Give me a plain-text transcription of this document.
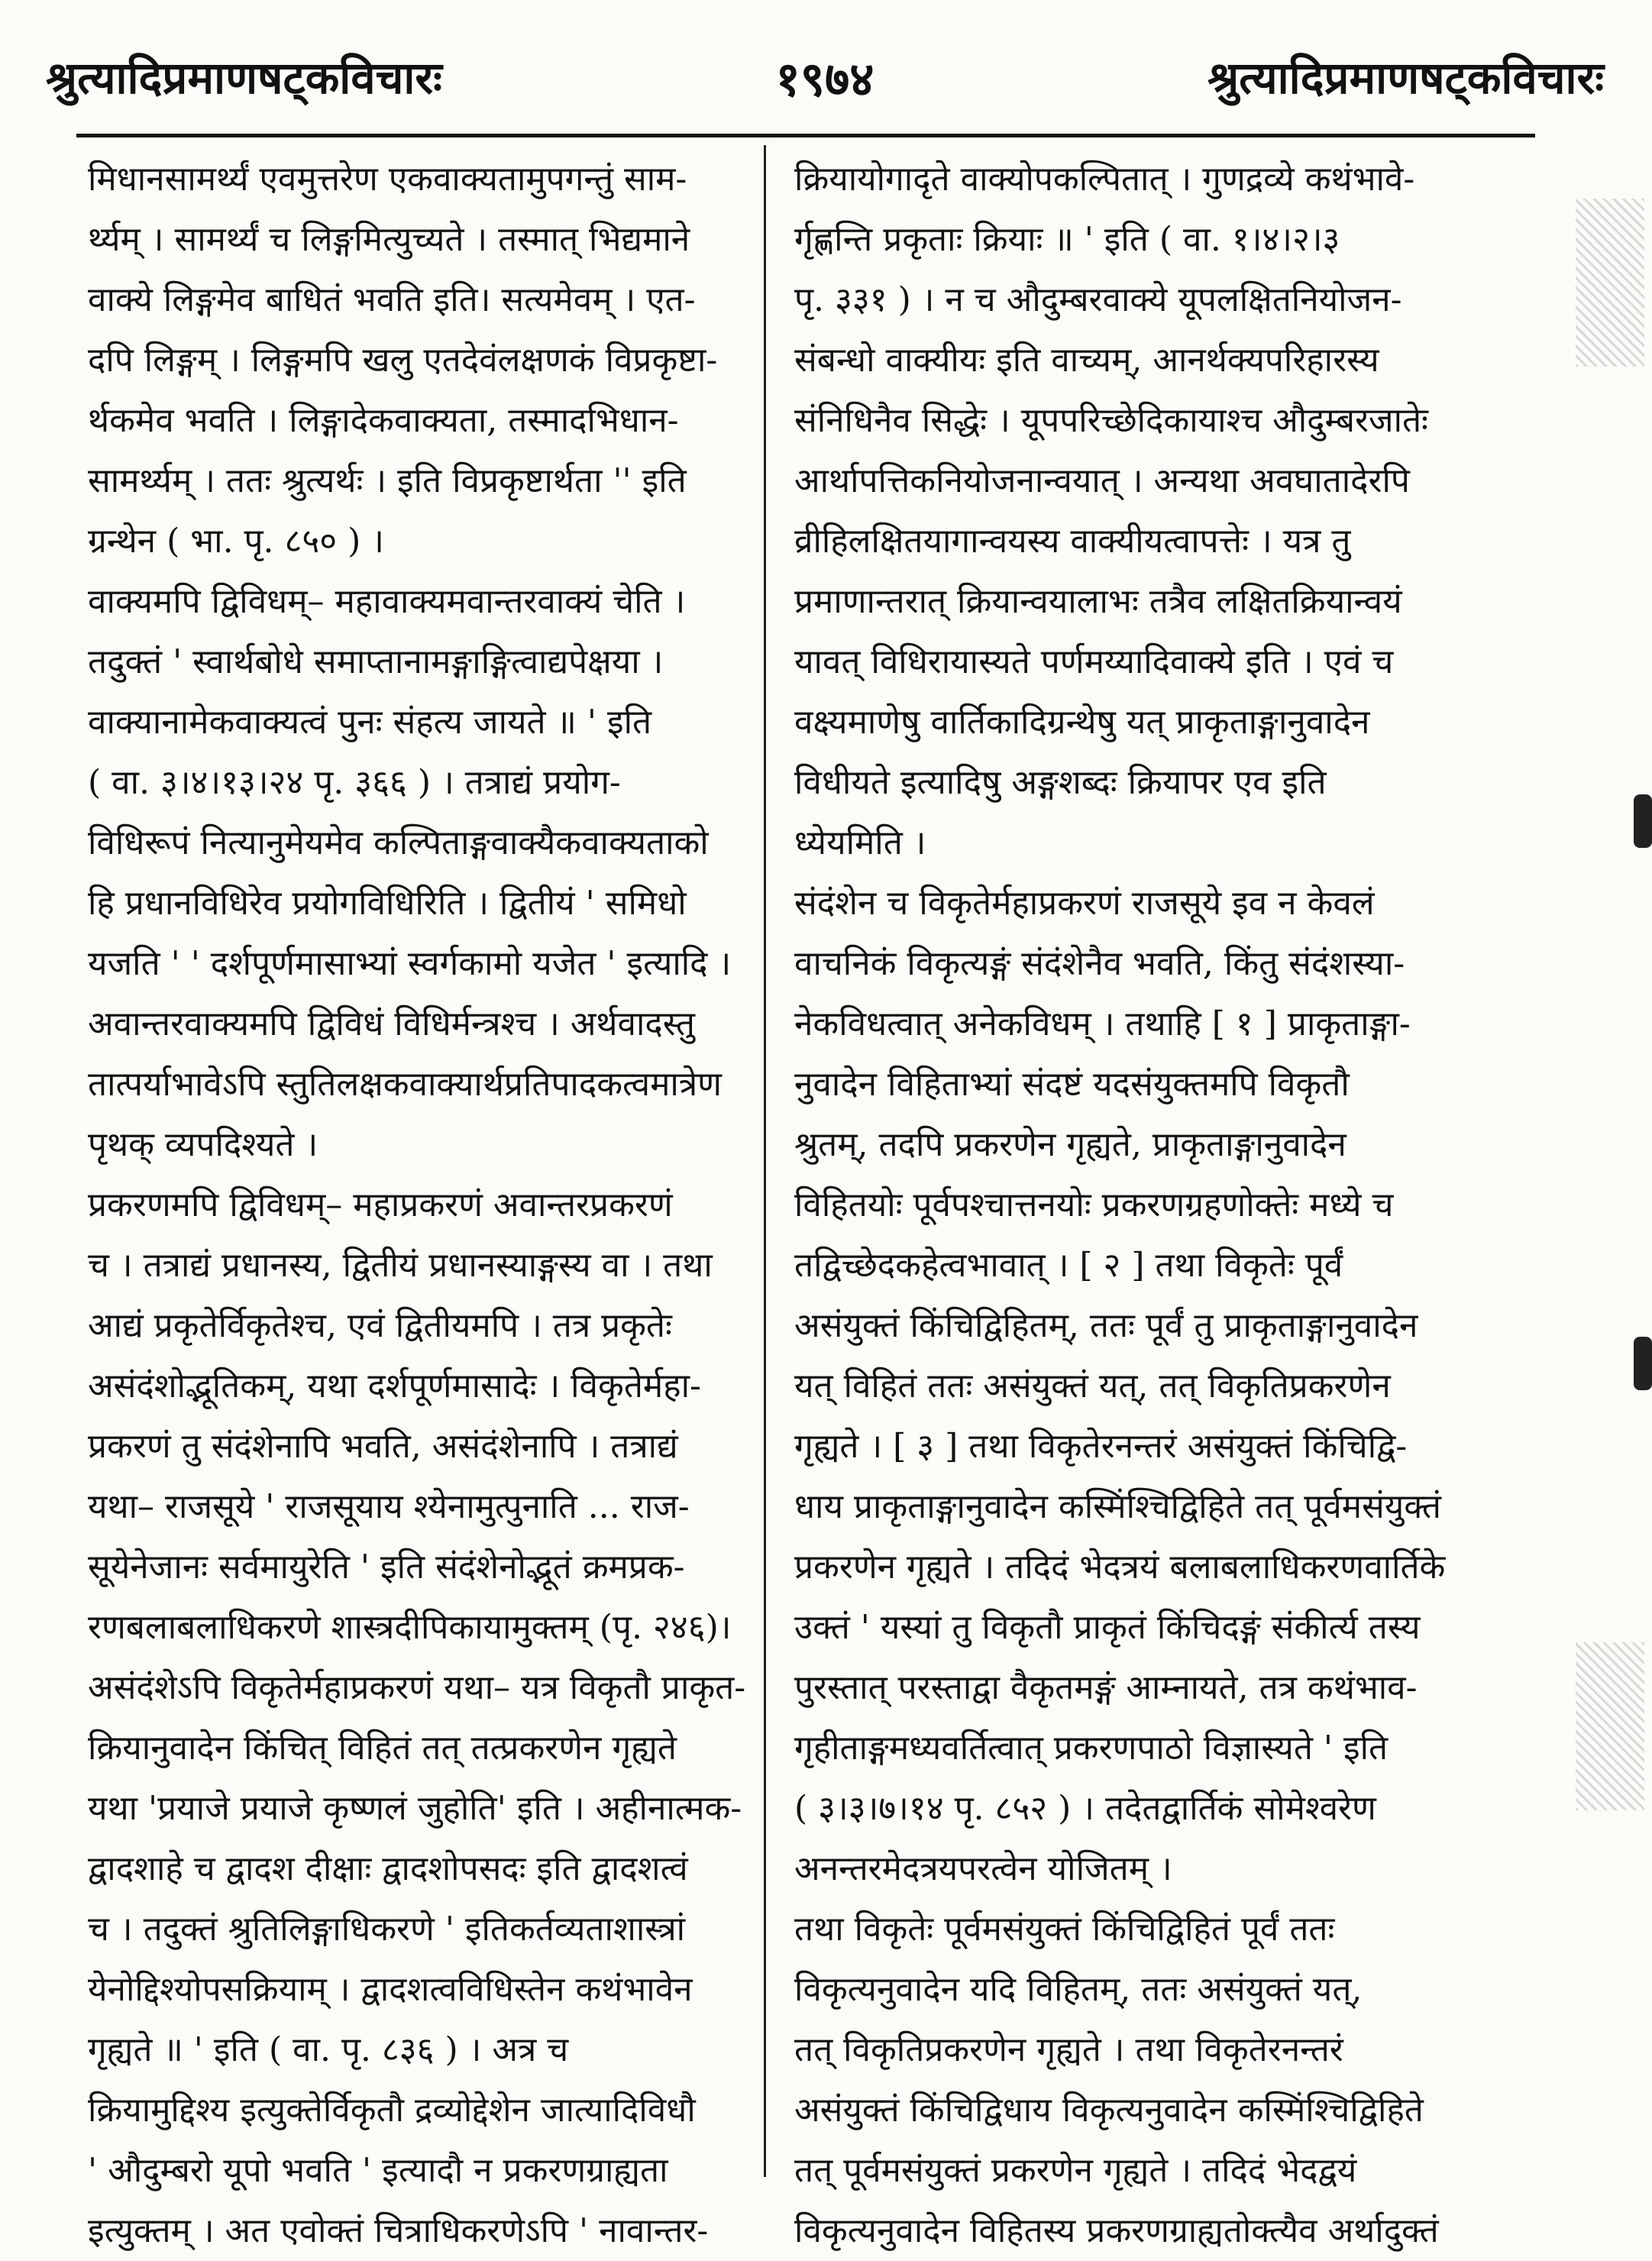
श्रुत्यादिप्रमाणषट्कविचारः	१९७४	श्रुत्यादिप्रमाणषट्कविचारः
मिधानसामर्थ्यं एवमुत्तरेण एकवाक्यतामुपगन्तुं साम-
र्थ्यम् । सामर्थ्यं च लिङ्गमित्युच्यते । तस्मात् भिद्यमाने
वाक्ये लिङ्गमेव बाधितं भवति इति। सत्यमेवम् । एत-
दपि लिङ्गम् । लिङ्गमपि खलु एतदेवंलक्षणकं विप्रकृष्टा-
र्थकमेव भवति । लिङ्गादेकवाक्यता, तस्मादभिधान-
सामर्थ्यम् । ततः श्रुत्यर्थः । इति विप्रकृष्टार्थता '' इति
ग्रन्थेन ( भा. पृ. ८५० ) ।
वाक्यमपि द्विविधम्– महावाक्यमवान्तरवाक्यं चेति ।
तदुक्तं ' स्वार्थबोधे समाप्तानामङ्गाङ्गित्वाद्यपेक्षया ।
वाक्यानामेकवाक्यत्वं पुनः संहत्य जायते ॥ ' इति
( वा. ३।४।१३।२४ पृ. ३६६ ) । तत्राद्यं प्रयोग-
विधिरूपं नित्यानुमेयमेव कल्पिताङ्गवाक्यैकवाक्यताको
हि प्रधानविधिरेव प्रयोगविधिरिति । द्वितीयं ' समिधो
यजति ' ' दर्शपूर्णमासाभ्यां स्वर्गकामो यजेत ' इत्यादि ।
अवान्तरवाक्यमपि द्विविधं विधिर्मन्त्रश्च । अर्थवादस्तु
तात्पर्याभावेऽपि स्तुतिलक्षकवाक्यार्थप्रतिपादकत्वमात्रेण
पृथक् व्यपदिश्यते ।
प्रकरणमपि द्विविधम्– महाप्रकरणं अवान्तरप्रकरणं
च । तत्राद्यं प्रधानस्य, द्वितीयं प्रधानस्याङ्गस्य वा । तथा
आद्यं प्रकृतेर्विकृतेश्च, एवं द्वितीयमपि । तत्र प्रकृतेः
असंदंशोद्भूतिकम्, यथा दर्शपूर्णमासादेः । विकृतेर्महा-
प्रकरणं तु संदंशेनापि भवति, असंदंशेनापि । तत्राद्यं
यथा– राजसूये ' राजसूयाय श्येनामुत्पुनाति ... राज-
सूयेनेजानः सर्वमायुरेति ' इति संदंशेनोद्भूतं क्रमप्रक-
रणबलाबलाधिकरणे शास्त्रदीपिकायामुक्तम् (पृ. २४६)।
असंदंशेऽपि विकृतेर्महाप्रकरणं यथा– यत्र विकृतौ प्राकृत-
क्रियानुवादेन किंचित् विहितं तत् तत्प्रकरणेन गृह्यते
यथा 'प्रयाजे प्रयाजे कृष्णलं जुहोति' इति । अहीनात्मक-
द्वादशाहे च द्वादश दीक्षाः द्वादशोपसदः इति द्वादशत्वं
च । तदुक्तं श्रुतिलिङ्गाधिकरणे ' इतिकर्तव्यताशास्त्रां
येनोद्दिश्योपसक्रियाम् । द्वादशत्वविधिस्तेन कथंभावेन
गृह्यते ॥ ' इति ( वा. पृ. ८३६ ) । अत्र च
क्रियामुद्दिश्य इत्युक्तेर्विकृतौ द्रव्योद्देशेन जात्यादिविधौ
' औदुम्बरो यूपो भवति ' इत्यादौ न प्रकरणग्राह्यता
इत्युक्तम् । अत एवोक्तं चित्राधिकरणेऽपि ' नावान्तर-
क्रियायोगादृते वाक्योपकल्पितात् । गुणद्रव्ये कथंभावे-
र्गृह्णन्ति प्रकृताः क्रियाः ॥ ' इति ( वा. १।४।२।३
पृ. ३३१ ) । न च औदुम्बरवाक्ये यूपलक्षितनियोजन-
संबन्धो वाक्यीयः इति वाच्यम्, आनर्थक्यपरिहारस्य
संनिधिनैव सिद्धेः । यूपपरिच्छेदिकायाश्च औदुम्बरजातेः
आर्थापत्तिकनियोजनान्वयात् । अन्यथा अवघातादेरपि
व्रीहिलक्षितयागान्वयस्य वाक्यीयत्वापत्तेः । यत्र तु
प्रमाणान्तरात् क्रियान्वयालाभः तत्रैव लक्षितक्रियान्वयं
यावत् विधिरायास्यते पर्णमय्यादिवाक्ये इति । एवं च
वक्ष्यमाणेषु वार्तिकादिग्रन्थेषु यत् प्राकृताङ्गानुवादेन
विधीयते इत्यादिषु अङ्गशब्दः क्रियापर एव इति
ध्येयमिति ।
संदंशेन च विकृतेर्महाप्रकरणं राजसूये इव न केवलं
वाचनिकं विकृत्यङ्गं संदंशेनैव भवति, किंतु संदंशस्या-
नेकविधत्वात् अनेकविधम् । तथाहि [ १ ] प्राकृताङ्गा-
नुवादेन विहिताभ्यां संदष्टं यदसंयुक्तमपि विकृतौ
श्रुतम्, तदपि प्रकरणेन गृह्यते, प्राकृताङ्गानुवादेन
विहितयोः पूर्वपश्चात्तनयोः प्रकरणग्रहणोक्तेः मध्ये च
तद्विच्छेदकहेत्वभावात् । [ २ ] तथा विकृतेः पूर्वं
असंयुक्तं किंचिद्विहितम्, ततः पूर्वं तु प्राकृताङ्गानुवादेन
यत् विहितं ततः असंयुक्तं यत्, तत् विकृतिप्रकरणेन
गृह्यते । [ ३ ] तथा विकृतेरनन्तरं असंयुक्तं किंचिद्वि-
धाय प्राकृताङ्गानुवादेन कस्मिंश्चिद्विहिते तत् पूर्वमसंयुक्तं
प्रकरणेन गृह्यते । तदिदं भेदत्रयं बलाबलाधिकरणवार्तिके
उक्तं ' यस्यां तु विकृतौ प्राकृतं किंचिदङ्गं संकीर्त्य तस्य
पुरस्तात् परस्ताद्वा वैकृतमङ्गं आम्नायते, तत्र कथंभाव-
गृहीताङ्गमध्यवर्तित्वात् प्रकरणपाठो विज्ञास्यते ' इति
( ३।३।७।१४ पृ. ८५२ ) । तदेतद्वार्तिकं सोमेश्वरेण
अनन्तरमेदत्रयपरत्वेन योजितम् ।
तथा विकृतेः पूर्वमसंयुक्तं किंचिद्विहितं पूर्वं ततः
विकृत्यनुवादेन यदि विहितम्, ततः असंयुक्तं यत्,
तत् विकृतिप्रकरणेन गृह्यते । तथा विकृतेरनन्तरं
असंयुक्तं किंचिद्विधाय विकृत्यनुवादेन कस्मिंश्चिद्विहिते
तत् पूर्वमसंयुक्तं प्रकरणेन गृह्यते । तदिदं भेदद्वयं
विकृत्यनुवादेन विहितस्य प्रकरणग्राह्यतोक्त्यैव अर्थादुक्तं
